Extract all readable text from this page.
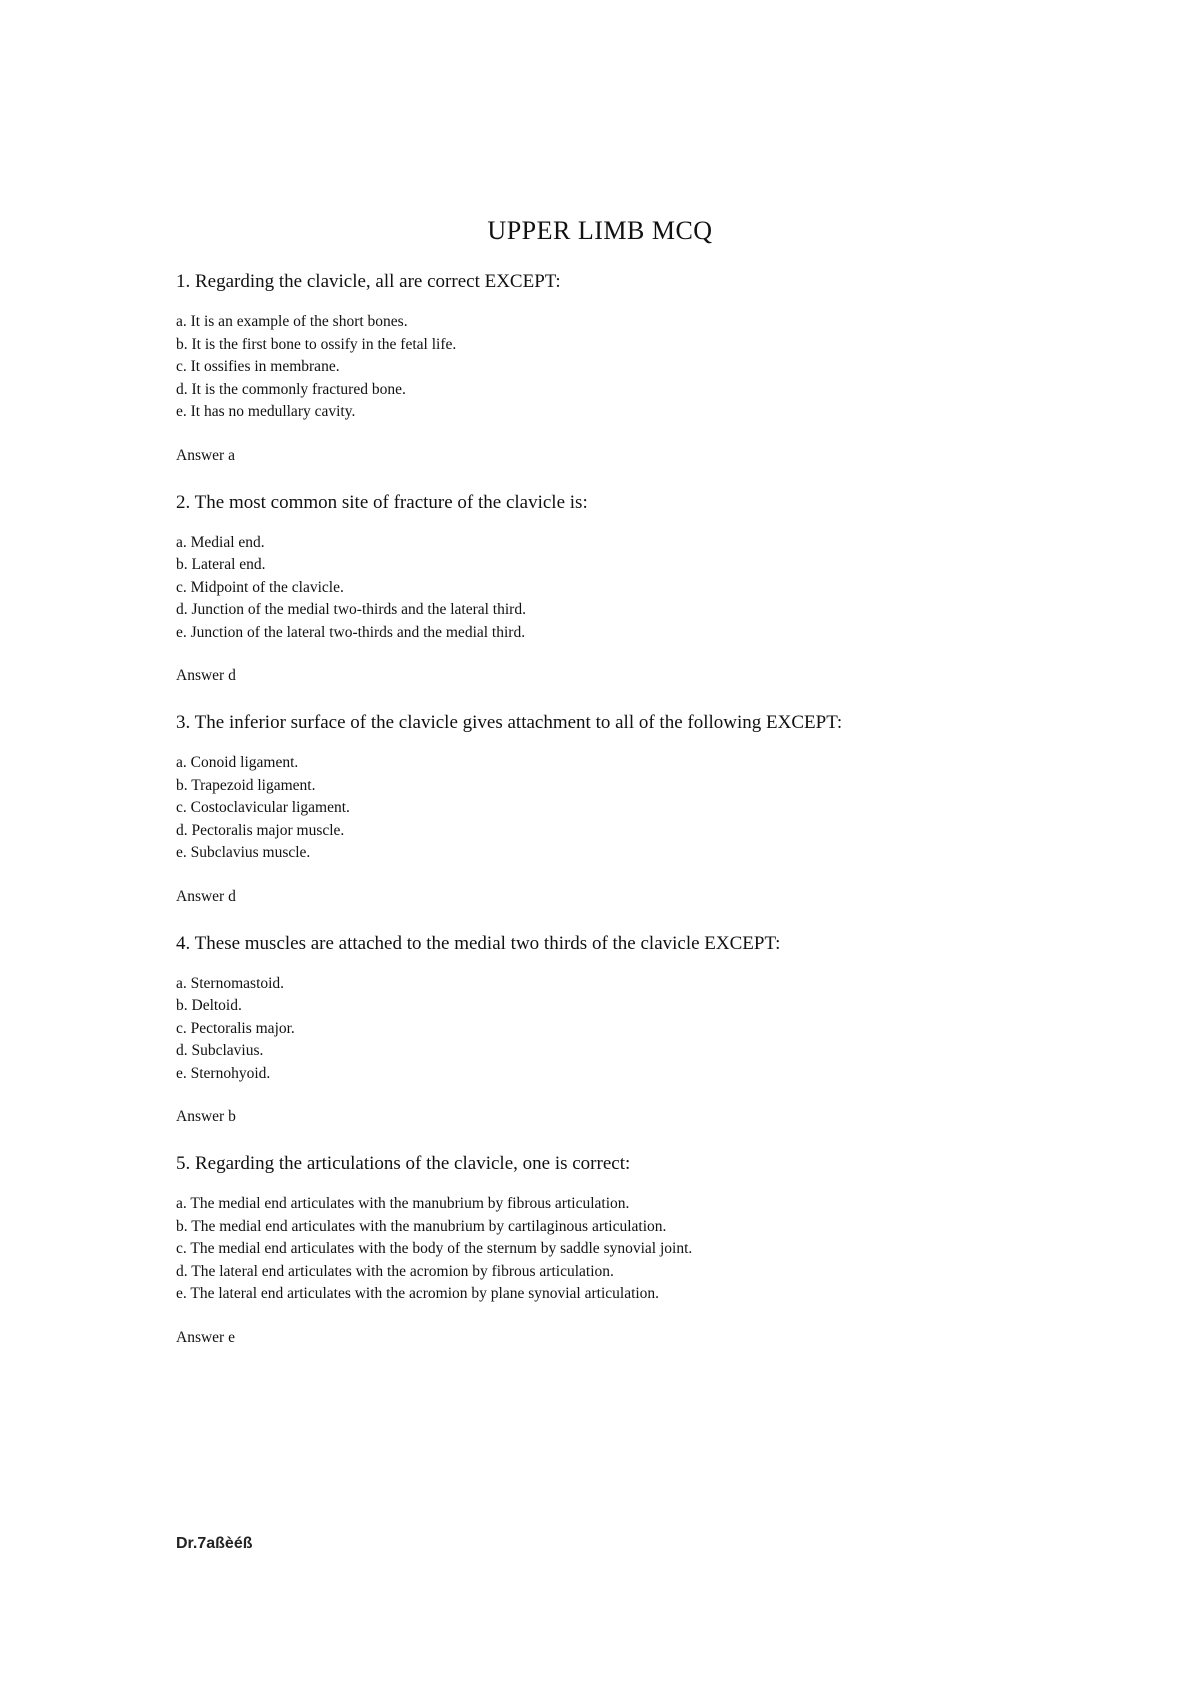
UPPER LIMB MCQ

1. Regarding the clavicle, all are correct EXCEPT:

a. It is an example of the short bones.
b. It is the first bone to ossify in the fetal life.
c. It ossifies in membrane.
d. It is the commonly fractured bone.
e. It has no medullary cavity.

Answer a

2. The most common site of fracture of the clavicle is:

a. Medial end.
b. Lateral end.
c. Midpoint of the clavicle.
d. Junction of the medial two-thirds and the lateral third.
e. Junction of the lateral two-thirds and the medial third.

Answer d

3. The inferior surface of the clavicle gives attachment to all of the following EXCEPT:

a. Conoid ligament.
b. Trapezoid ligament.
c. Costoclavicular ligament.
d. Pectoralis major muscle.
e. Subclavius muscle.

Answer d

4. These muscles are attached to the medial two thirds of the clavicle EXCEPT:

a. Sternomastoid.
b. Deltoid.
c. Pectoralis major.
d. Subclavius.
e. Sternohyoid.

Answer b

5. Regarding the articulations of the clavicle, one is correct:

a. The medial end articulates with the manubrium by fibrous articulation.
b. The medial end articulates with the manubrium by cartilaginous articulation.
c. The medial end articulates with the body of the sternum by saddle synovial joint.
d. The lateral end articulates with the acromion by fibrous articulation.
e. The lateral end articulates with the acromion by plane synovial articulation.

Answer e

Dr.7aßèéß
